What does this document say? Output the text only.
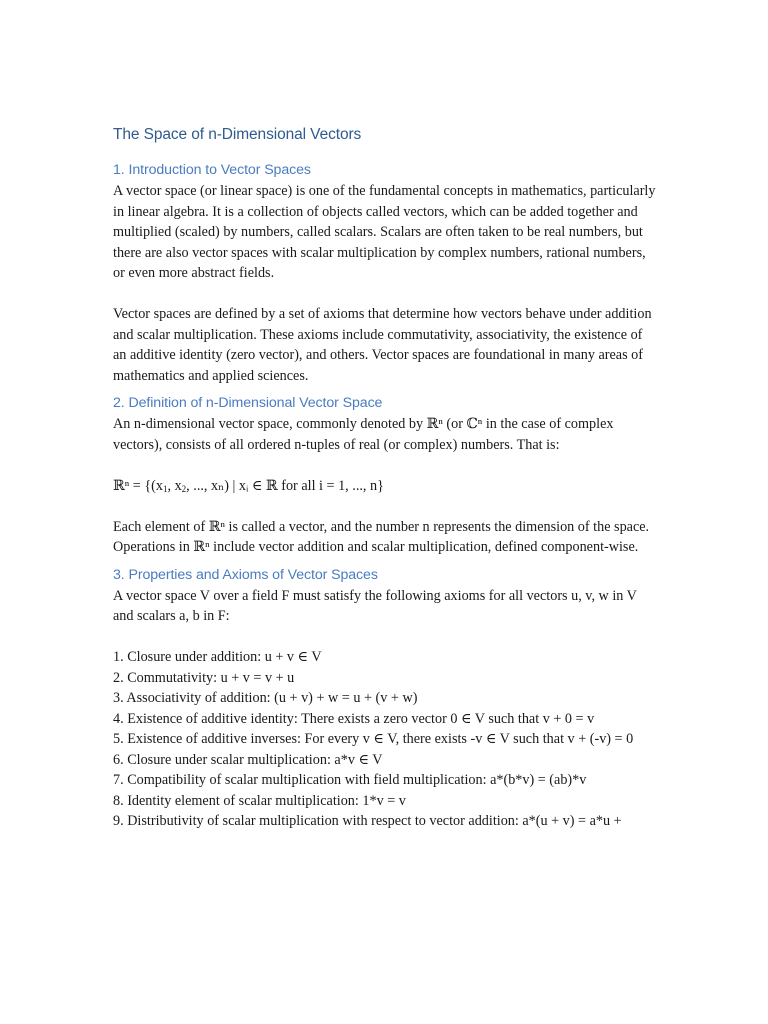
The Space of n-Dimensional Vectors
1. Introduction to Vector Spaces

A vector space (or linear space) is one of the fundamental concepts in mathematics, particularly in linear algebra. It is a collection of objects called vectors, which can be added together and multiplied (scaled) by numbers, called scalars. Scalars are often taken to be real numbers, but there are also vector spaces with scalar multiplication by complex numbers, rational numbers, or even more abstract fields.

Vector spaces are defined by a set of axioms that determine how vectors behave under addition and scalar multiplication. These axioms include commutativity, associativity, the existence of an additive identity (zero vector), and others. Vector spaces are foundational in many areas of mathematics and applied sciences.

2. Definition of n-Dimensional Vector Space

An n-dimensional vector space, commonly denoted by ℝⁿ (or ℂⁿ in the case of complex vectors), consists of all ordered n-tuples of real (or complex) numbers. That is:

ℝⁿ = {($x_1$, $x_2$, ..., xₙ) | xᵢ ∈ ℝ for all i = 1, ..., n}

Each element of ℝⁿ is called a vector, and the number n represents the dimension of the space. Operations in ℝⁿ include vector addition and scalar multiplication, defined component-wise.

3. Properties and Axioms of Vector Spaces

A vector space V over a field F must satisfy the following axioms for all vectors u, v, w in V and scalars a, b in F:

1. Closure under addition: u + v ∈ V
2. Commutativity: u + v = v + u
3. Associativity of addition: (u + v) + w = u + (v + w)
4. Existence of additive identity: There exists a zero vector 0 ∈ V such that v + 0 = v
5. Existence of additive inverses: For every v ∈ V, there exists -v ∈ V such that v + (-v) = 0
6. Closure under scalar multiplication: a*v ∈ V
7. Compatibility of scalar multiplication with field multiplication: a*(b*v) = (ab)*v
8. Identity element of scalar multiplication: 1*v = v
9. Distributivity of scalar multiplication with respect to vector addition: a*(u + v) = a*u +
